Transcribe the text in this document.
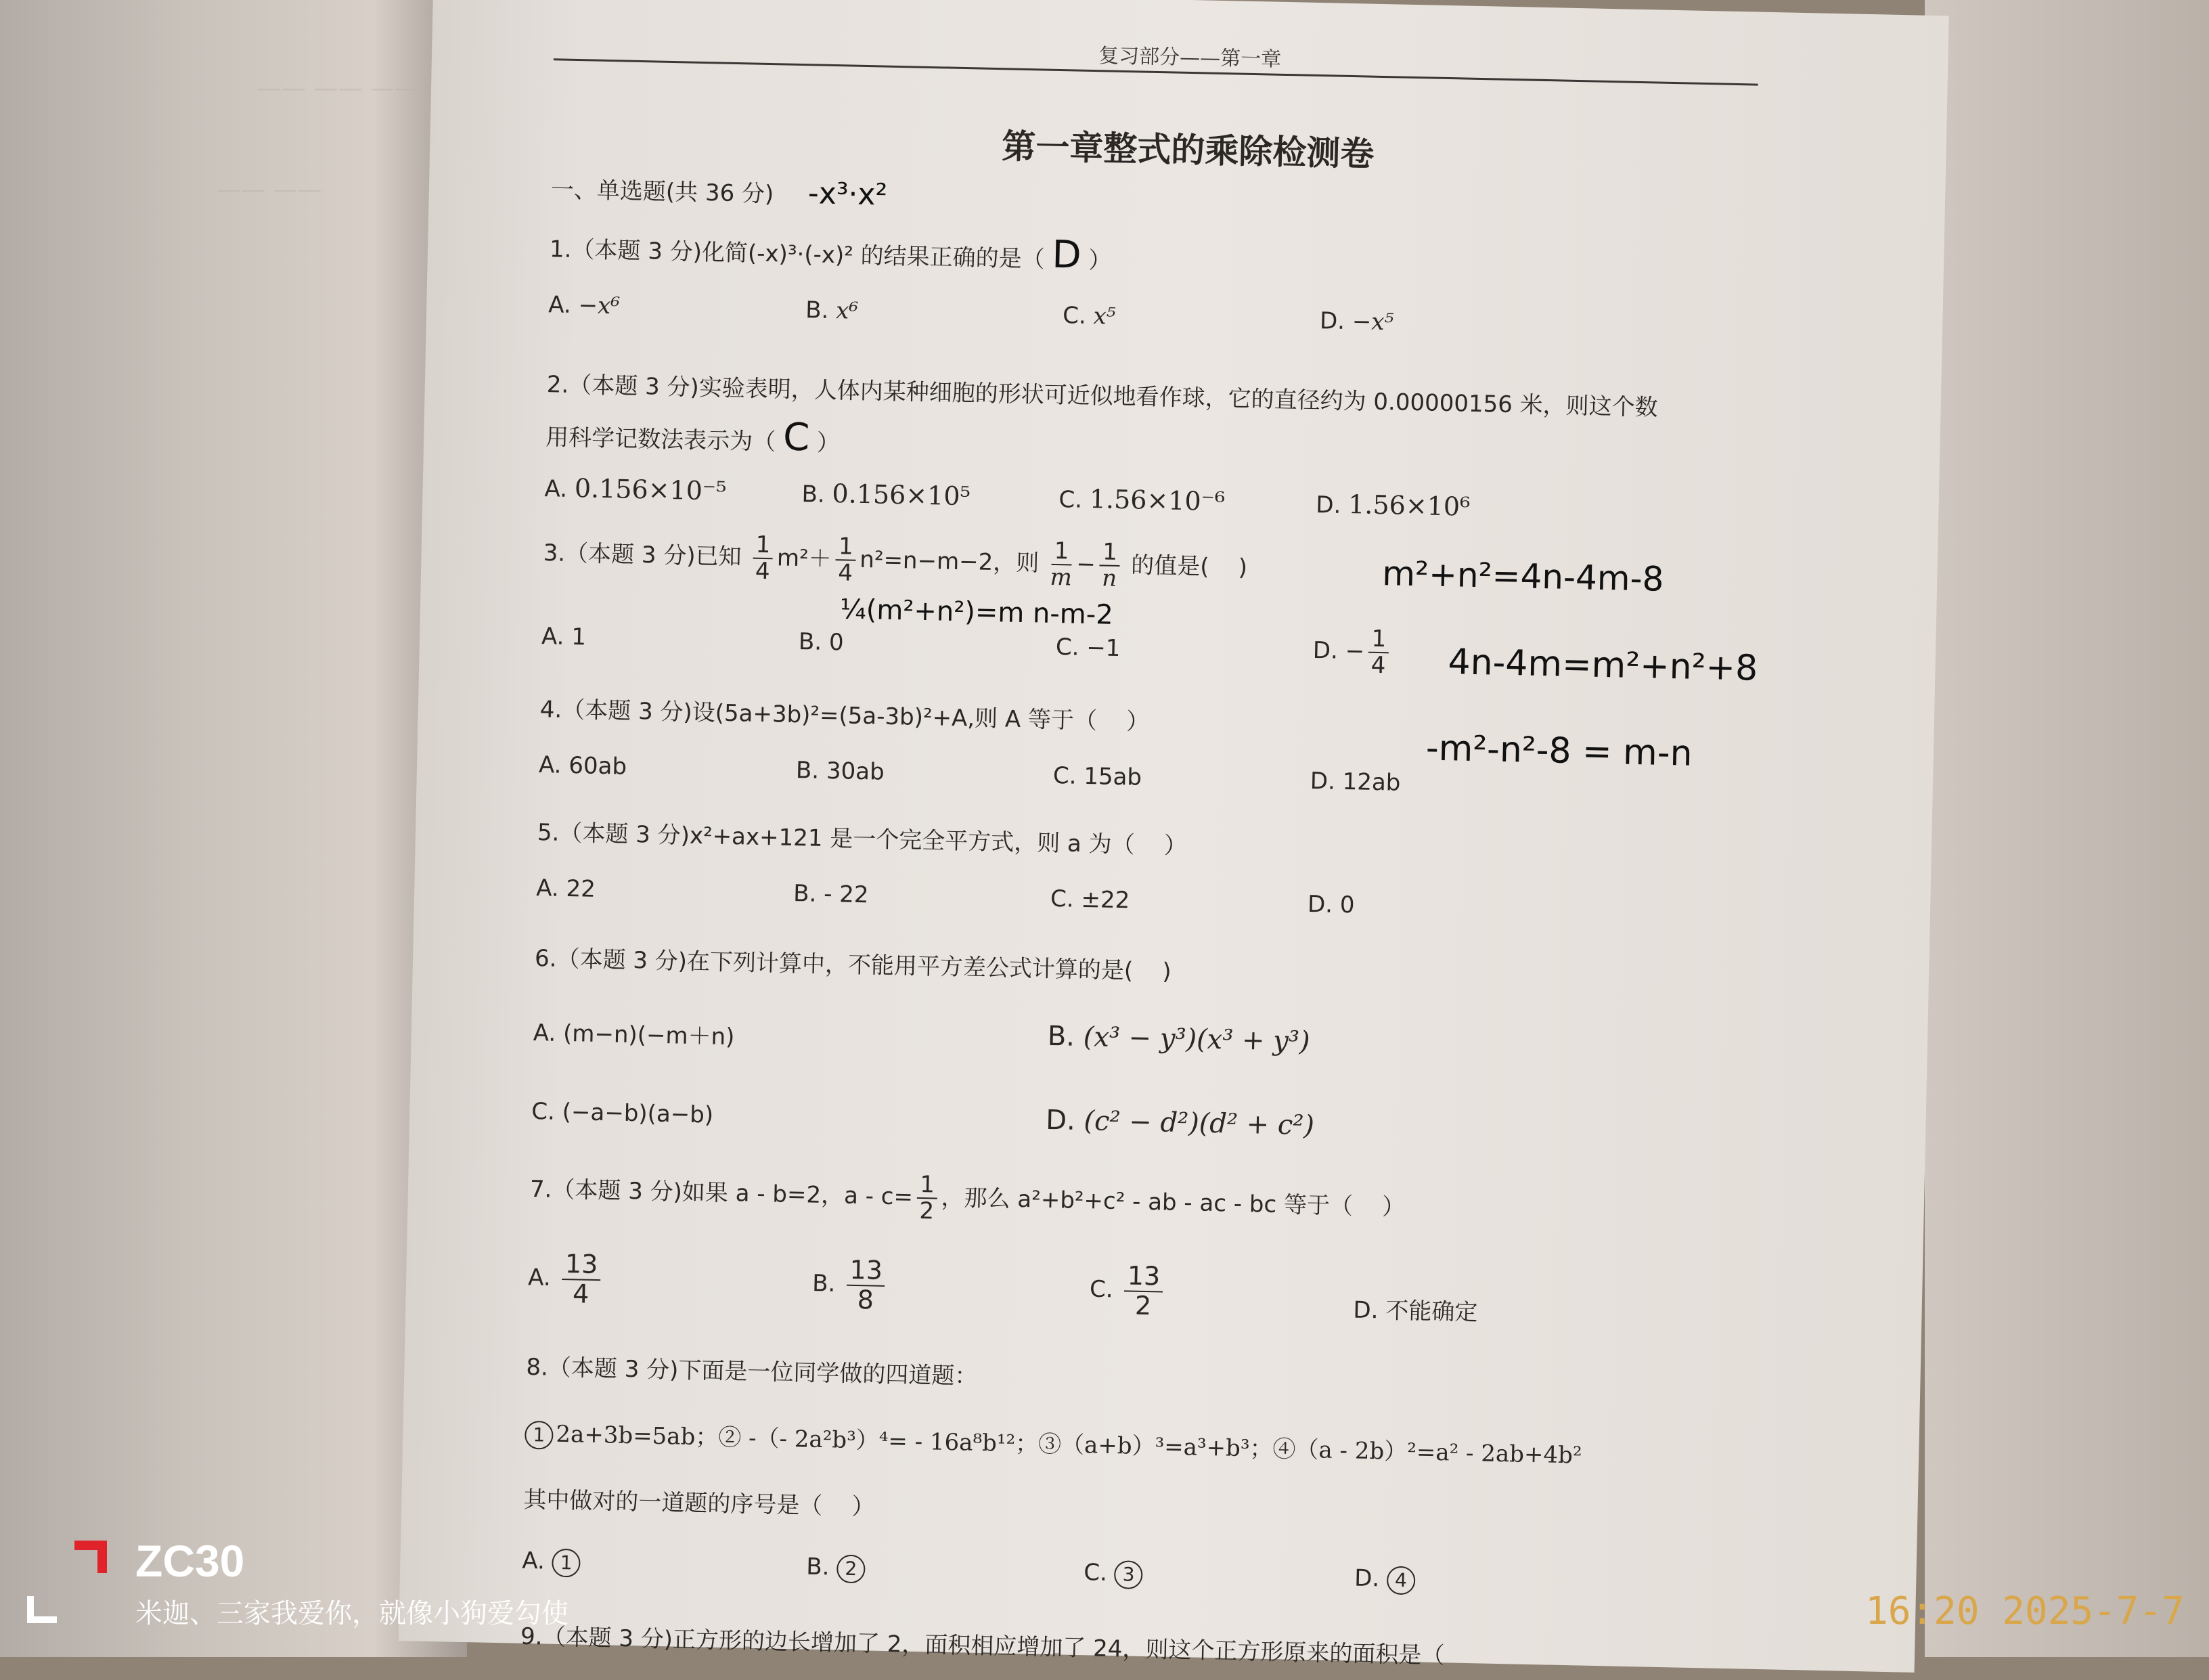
—— —— ——
—— ——
复习部分——第一章
第一章整式的乘除检测卷
一、单选题(共 36 分) -x³·x²
1.（本题 3 分)化简(-x)³·(-x)² 的结果正确的是（ D ）
A. −x⁶	B. x⁶	C. x⁵	D. −x⁵
2.（本题 3 分)实验表明，人体内某种细胞的形状可近似地看作球，它的直径约为 0.00000156 米，则这个数
用科学记数法表示为（ C ）
A. 0.156×10⁻⁵	B. 0.156×10⁵	C. 1.56×10⁻⁶	D. 1.56×10⁶
3.（本题 3 分)已知 $\frac{1}{4} m^2+ \frac{1}{4} n^2=n-m-2$，则 $\frac{1}{m} - \frac{1}{n}$ 的值是( )	m²+n²=4n-4m-8
¼(m²+n²)=m n-m-2
A. 1	B. 0	C. −1	D. − $\frac{1}{4} 4n-4m=m^2+n^2+8$
4.（本题 3 分)设(5a+3b)²=(5a-3b)²+A,则 A 等于（ ）
-m²-n²-8 = m-n
A. 60ab	B. 30ab	C. 15ab	D. 12ab
5.（本题 3 分)x²+ax+121 是一个完全平方式，则 a 为（ ）
A. 22	B. - 22	C. ±22	D. 0
6.（本题 3 分)在下列计算中，不能用平方差公式计算的是( )
A. (m−n)(−m＋n)	B. (x³ − y³)(x³ + y³)
C. (−a−b)(a−b)	D. (c² − d²)(d² + c²)
7.（本题 3 分)如果 a - b=2，$a - c= \frac{1}{2}$ ，那么 a²+b²+c² - ab - ac - bc 等于（ ）
A. $\frac{13}{4}$	B. $\frac{13}{8}$	C. $\frac{13}{2}$	D. 不能确定
8.（本题 3 分)下面是一位同学做的四道题：
1 2a+3b=5ab；② -（- 2a²b³）⁴= - 16a⁸b¹²；③（a+b）³=a³+b³；④（a - 2b）²=a² - 2ab+4b²
其中做对的一道题的序号是（ ）
A. 1	B. 2	C. 3	D. 4
9.（本题 3 分)正方形的边长增加了 2，面积相应增加了 24，则这个正方形原来的面积是（
ZC30
米迦、三家我爱你，就像小狗爱勾使	16:20 2025-7-7
